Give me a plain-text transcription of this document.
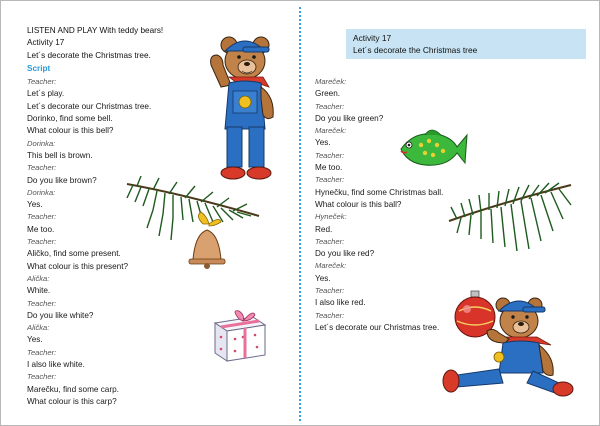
LISTEN AND PLAY With teddy bears!
Activity 17
Let´s decorate the Christmas tree.
Script
Teacher:
Let´s play.
Let´s decorate our Christmas tree.
Dorinko, find some bell.
What colour is this bell?
Dorinka:
This bell is brown.
Teacher:
Do you like brown?
Dorinka:
Yes.
Teacher:
Me too.
Teacher:
Aličko, find some present.
What colour is this present?
Alička:
White.
Teacher:
Do you like white?
Alička:
Yes.
Teacher:
I also like white.
Teacher:
Marečku, find some carp.
What colour is this carp?
Activity 17
Let´s decorate the Christmas tree
Mareček:
Green.
Teacher:
Do you like green?
Mareček:
Yes.
Teacher:
Me too.
Teacher:
Hynečku, find some Christmas ball.
What colour is this ball?
Hyneček:
Red.
Teacher:
Do you like red?
Mareček:
Yes.
Teacher:
I also like red.
Teacher:
Let´s decorate our Christmas tree.
